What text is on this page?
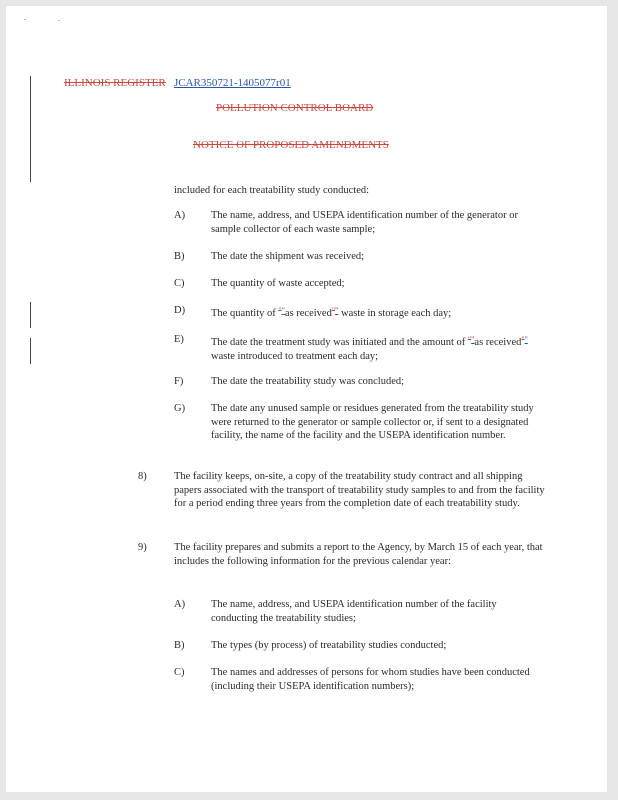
ILLINOIS REGISTER JCAR350721-1405077r01
POLLUTION CONTROL BOARD
NOTICE OF PROPOSED AMENDMENTS
included for each treatability study conducted:
A) The name, address, and USEPA identification number of the generator or sample collector of each waste sample;
B)	The date the shipment was received;
C)	The quantity of waste accepted;
D) The quantity of ""as received"" waste in storage each day;
E)	The date the treatment study was initiated and the amount of ""as received"" waste introduced to treatment each day;
F)	The date the treatability study was concluded;
G) The date any unused sample or residues generated from the treatability study were returned to the generator or sample collector or, if sent to a designated facility, the name of the facility and the USEPA identification number.
8)	The facility keeps, on-site, a copy of the treatability study contract and all shipping papers associated with the transport of treatability study samples to and from the facility for a period ending three years from the completion date of each treatability study.
9)	The facility prepares and submits a report to the Agency, by March 15 of each year, that includes the following information for the previous calendar year:
A) The name, address, and USEPA identification number of the facility conducting the treatability studies;
B)	The types (by process) of treatability studies conducted;
C)	The names and addresses of persons for whom studies have been conducted (including their USEPA identification numbers);
